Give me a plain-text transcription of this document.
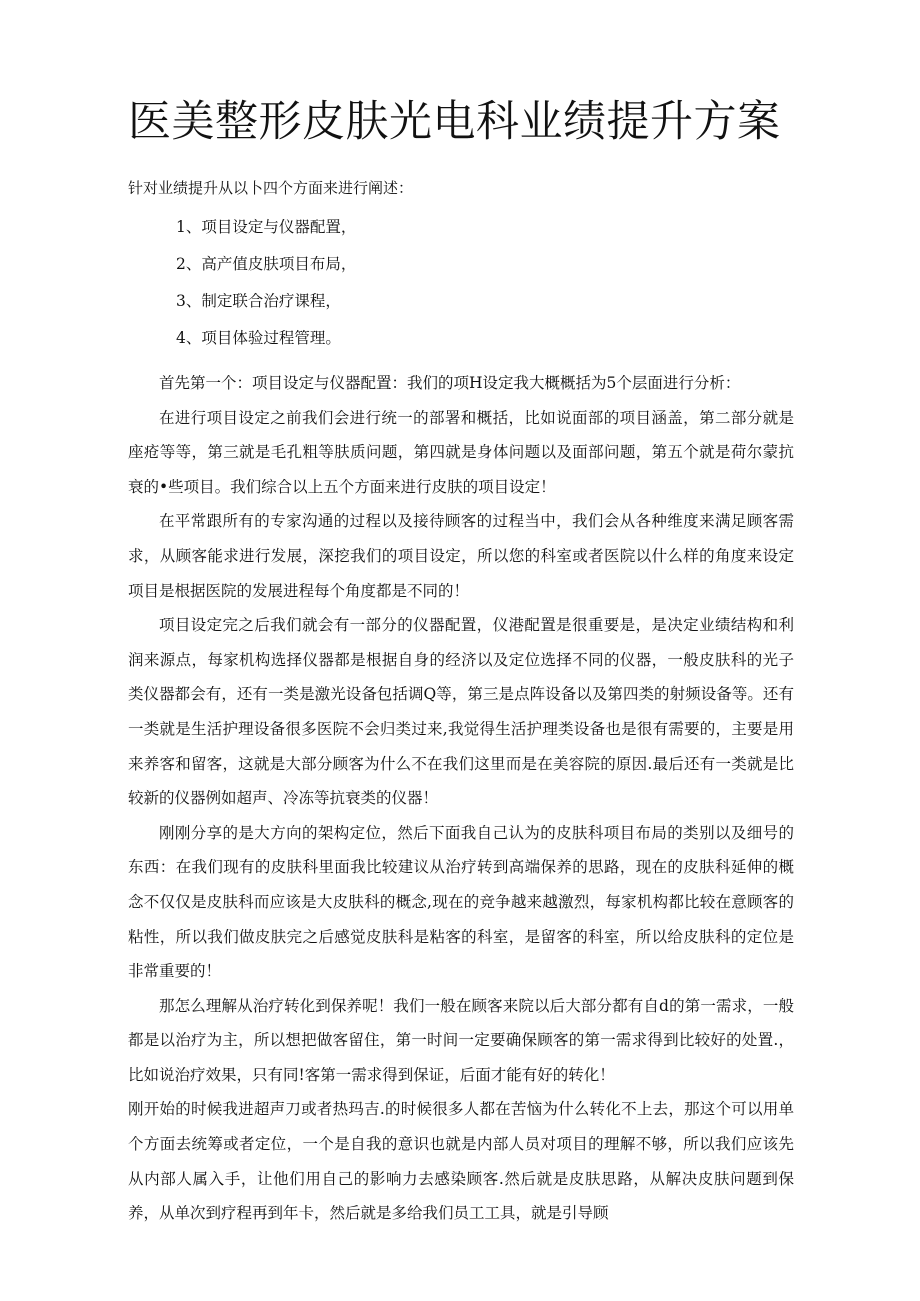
医美整形皮肤光电科业绩提升方案
针对业绩提升从以卜四个方面来进行阐述：
1、项目设定与仪器配置，
2、高产值皮肤项目布局，
3、制定联合治疗课程，
4、项目体验过程管理。

首先第一个：项目设定与仪器配置：我们的项H设定我大概概括为5个层面进行分析：

在进行项目设定之前我们会进行统一的部署和概括，比如说面部的项目涵盖，第二部分就是座疮等等，第三就是毛孔粗等肤质问题，第四就是身体问题以及面部问题，第五个就是荷尔蒙抗衰的•些项目。我们综合以上五个方面来进行皮肤的项目设定！

在平常跟所有的专家沟通的过程以及接待顾客的过程当中，我们会从各种维度来满足顾客需求，从顾客能求进行发展，深挖我们的项目设定，所以您的科室或者医院以什么样的角度来设定项目是根据医院的发展进程每个角度都是不同的！

项目设定完之后我们就会有一部分的仪器配置，仪港配置是很重要是，是决定业绩结构和利润来源点，每家机构选择仪器都是根据自身的经济以及定位选择不同的仪器，一般皮肤科的光子类仪器都会有，还有一类是激光设备包括调Q等，第三是点阵设备以及第四类的射频设备等。还有一类就是生活护理设备很多医院不会归类过来,我觉得生活护理类设备也是很有需要的，主要是用来养客和留客，这就是大部分顾客为什么不在我们这里而是在美容院的原因.最后还有一类就是比较新的仪器例如超声、冷冻等抗衰类的仪器！

刚刚分享的是大方向的架构定位，然后下面我自己认为的皮肤科项目布局的类别以及细号的东西：在我们现有的皮肤科里面我比较建议从治疗转到高端保养的思路，现在的皮肤科延伸的概念不仅仅是皮肤科而应该是大皮肤科的概念,现在的竞争越来越激烈，每家机构都比较在意顾客的粘性，所以我们做皮肤完之后感觉皮肤科是粘客的科室，是留客的科室，所以给皮肤科的定位是非常重要的！

那怎么理解从治疗转化到保养呢！我们一般在顾客来院以后大部分都有自d的第一需求，一般都是以治疗为主，所以想把做客留住，第一时间一定要确保顾客的第一需求得到比较好的处置.，比如说治疗效果，只有同!客第一需求得到保证，后面才能有好的转化！

刚开始的时候我进超声刀或者热玛吉.的时候很多人都在苦恼为什么转化不上去，那这个可以用单个方面去统筹或者定位，一个是自我的意识也就是内部人员对项目的理解不够，所以我们应该先从内部人属入手，让他们用自己的影响力去感染顾客.然后就是皮肤思路，从解决皮肤问题到保养，从单次到疗程再到年卡，然后就是多给我们员工工具，就是引导顾
